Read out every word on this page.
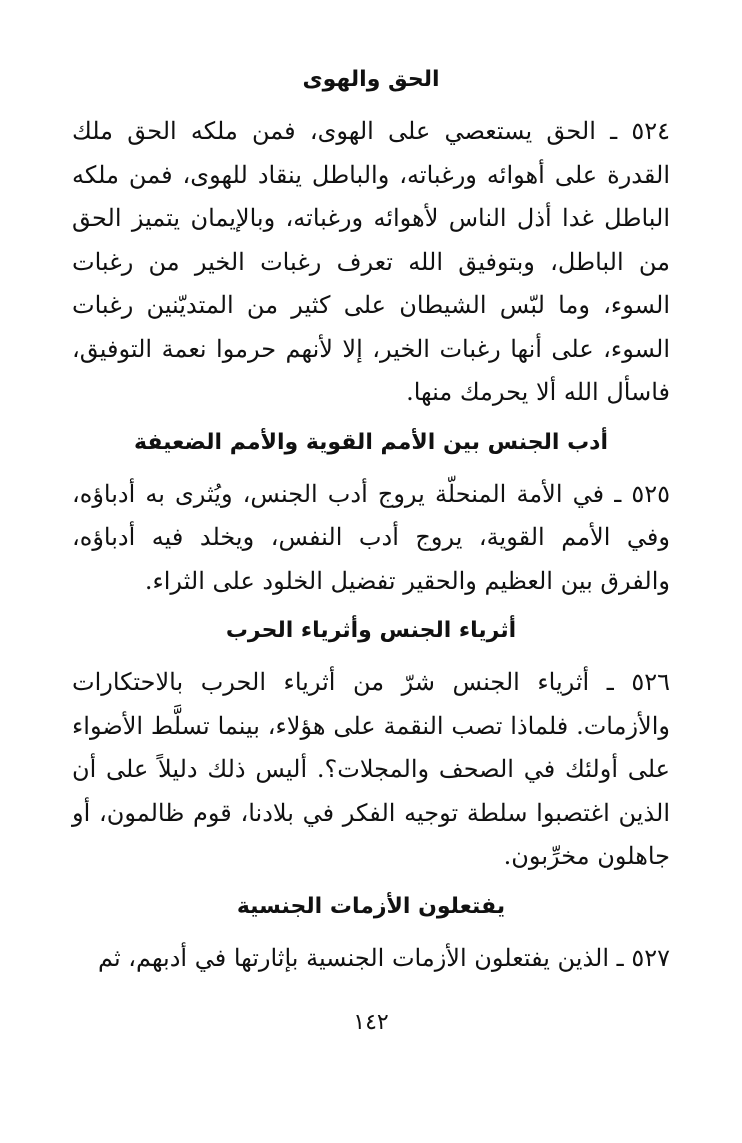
الحق والهوى

٥٢٤ ـ الحق يستعصي على الهوى، فمن ملكه الحق ملك القدرة على أهوائه ورغباته، والباطل ينقاد للهوى، فمن ملكه الباطل غدا أذل الناس لأهوائه ورغباته، وبالإيمان يتميز الحق من الباطل، وبتوفيق الله تعرف رغبات الخير من رغبات السوء، وما لبّس الشيطان على كثير من المتديّنين رغبات السوء، على أنها رغبات الخير، إلا لأنهم حرموا نعمة التوفيق، فاسأل الله ألا يحرمك منها.

أدب الجنس بين الأمم القوية والأمم الضعيفة

٥٢٥ ـ في الأمة المنحلّة يروج أدب الجنس، ويُثرى به أدباؤه، وفي الأمم القوية، يروج أدب النفس، ويخلد فيه أدباؤه، والفرق بين العظيم والحقير تفضيل الخلود على الثراء.

أثرياء الجنس وأثرياء الحرب

٥٢٦ ـ أثرياء الجنس شرّ من أثرياء الحرب بالاحتكارات والأزمات. فلماذا تصب النقمة على هؤلاء، بينما تسلَّط الأضواء على أولئك في الصحف والمجلات؟. أليس ذلك دليلاً على أن الذين اغتصبوا سلطة توجيه الفكر في بلادنا، قوم ظالمون، أو جاهلون مخرِّبون.

يفتعلون الأزمات الجنسية

٥٢٧ ـ الذين يفتعلون الأزمات الجنسية بإثارتها في أدبهم، ثم

١٤٢
